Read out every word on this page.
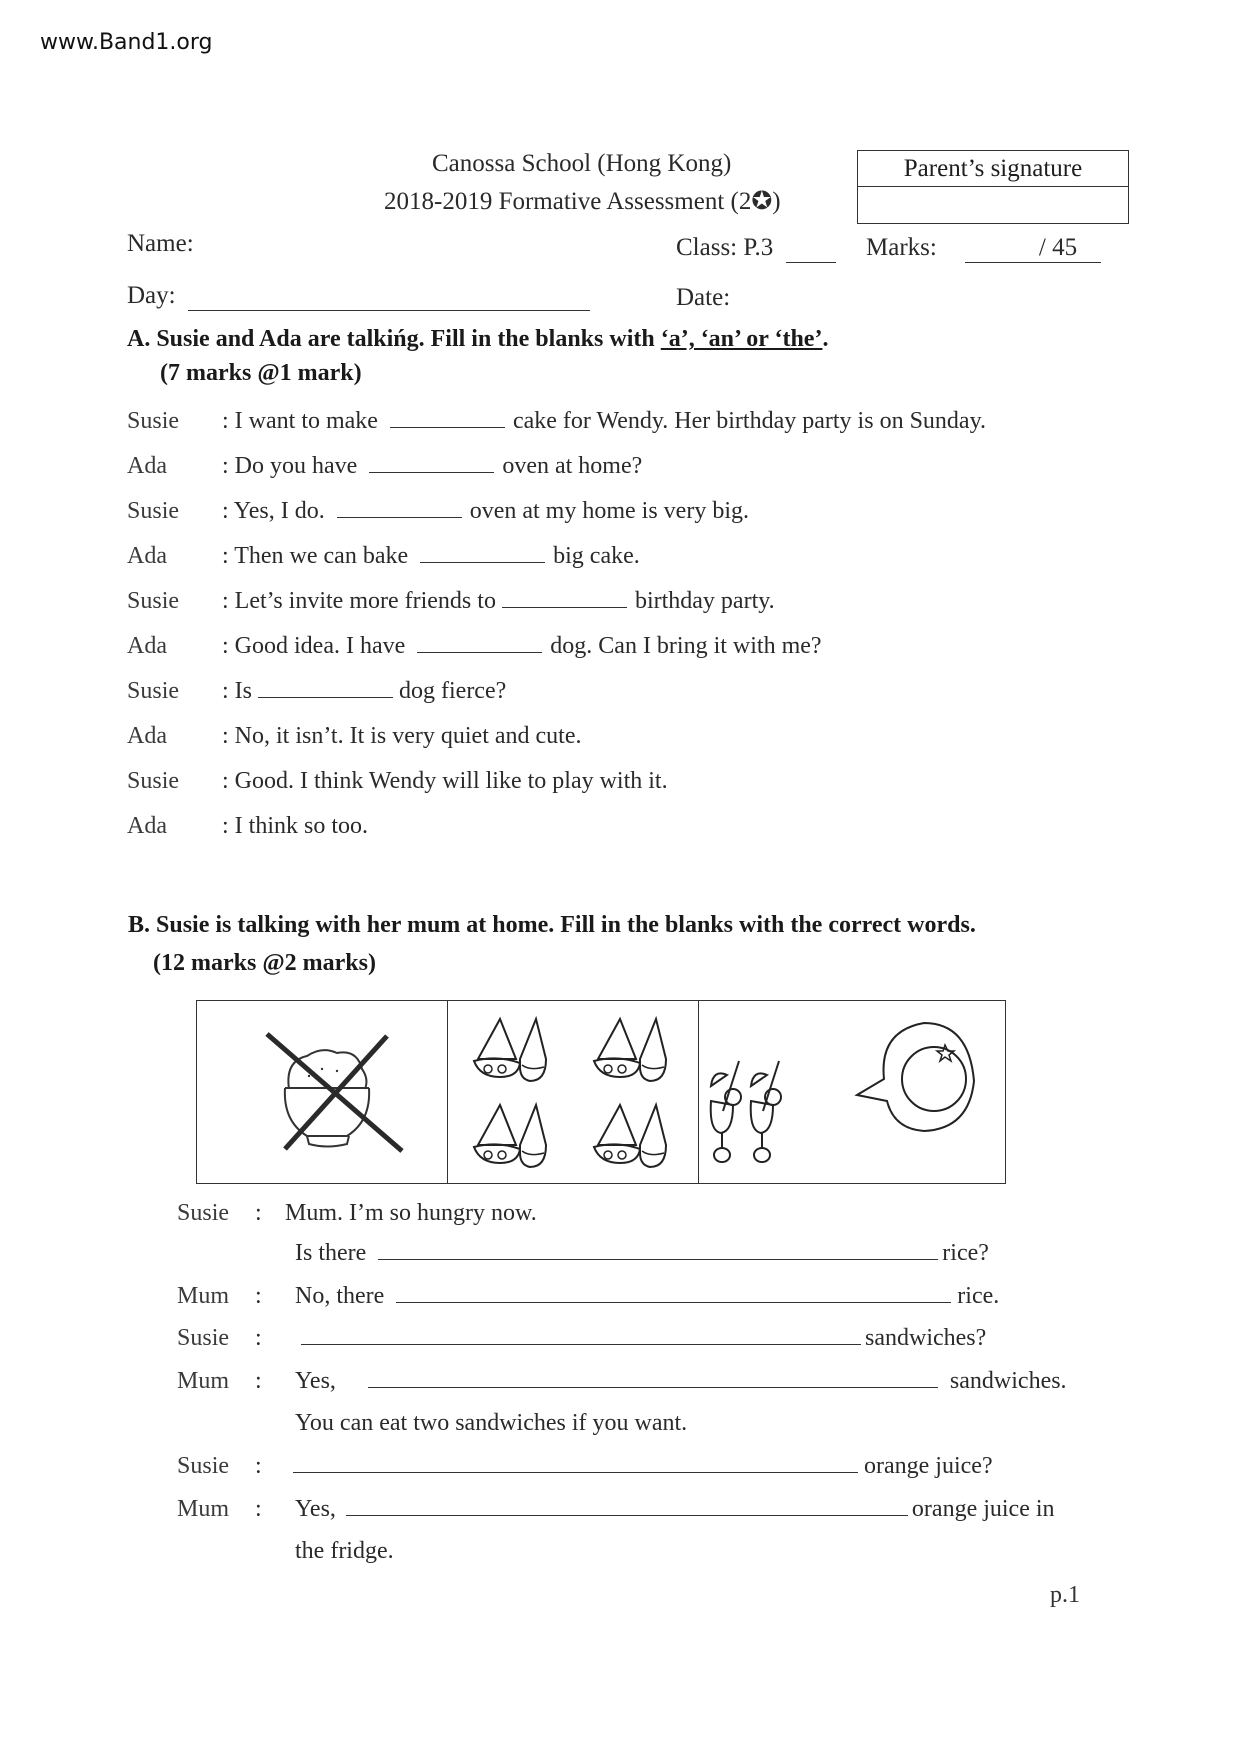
www.Band1.org
Canossa School (Hong Kong)
2018-2019 Formative Assessment (2✪)
Parent’s signature
Name:	Class: P.3	Marks:	/ 45
Day:	Date:
A. Susie and Ada are talkińg. Fill in the blanks with ‘a’, ‘an’ or ‘the’.
(7 marks @1 mark)
Susie : I want to make	cake for Wendy. Her birthday party is on Sunday.
Ada : Do you have	oven at home?
Susie : Yes, I do.	oven at my home is very big.
Ada : Then we can bake	big cake.
Susie : Let’s invite more friends to	birthday party.
Ada : Good idea. I have	dog. Can I bring it with me?
Susie : Is	dog fierce?
Ada : No, it isn’t. It is very quiet and cute.
Susie : Good. I think Wendy will like to play with it.
Ada : I think so too.
B. Susie is talking with her mum at home. Fill in the blanks with the correct words.
(12 marks @2 marks)
Susie : Mum. I’m so hungry now.
Is there	rice?
Mum : No, there	rice.
Susie :	sandwiches?
Mum : Yes,	sandwiches.
You can eat two sandwiches if you want.
Susie :	orange juice?
Mum : Yes,	orange juice in
the fridge.
p.1
